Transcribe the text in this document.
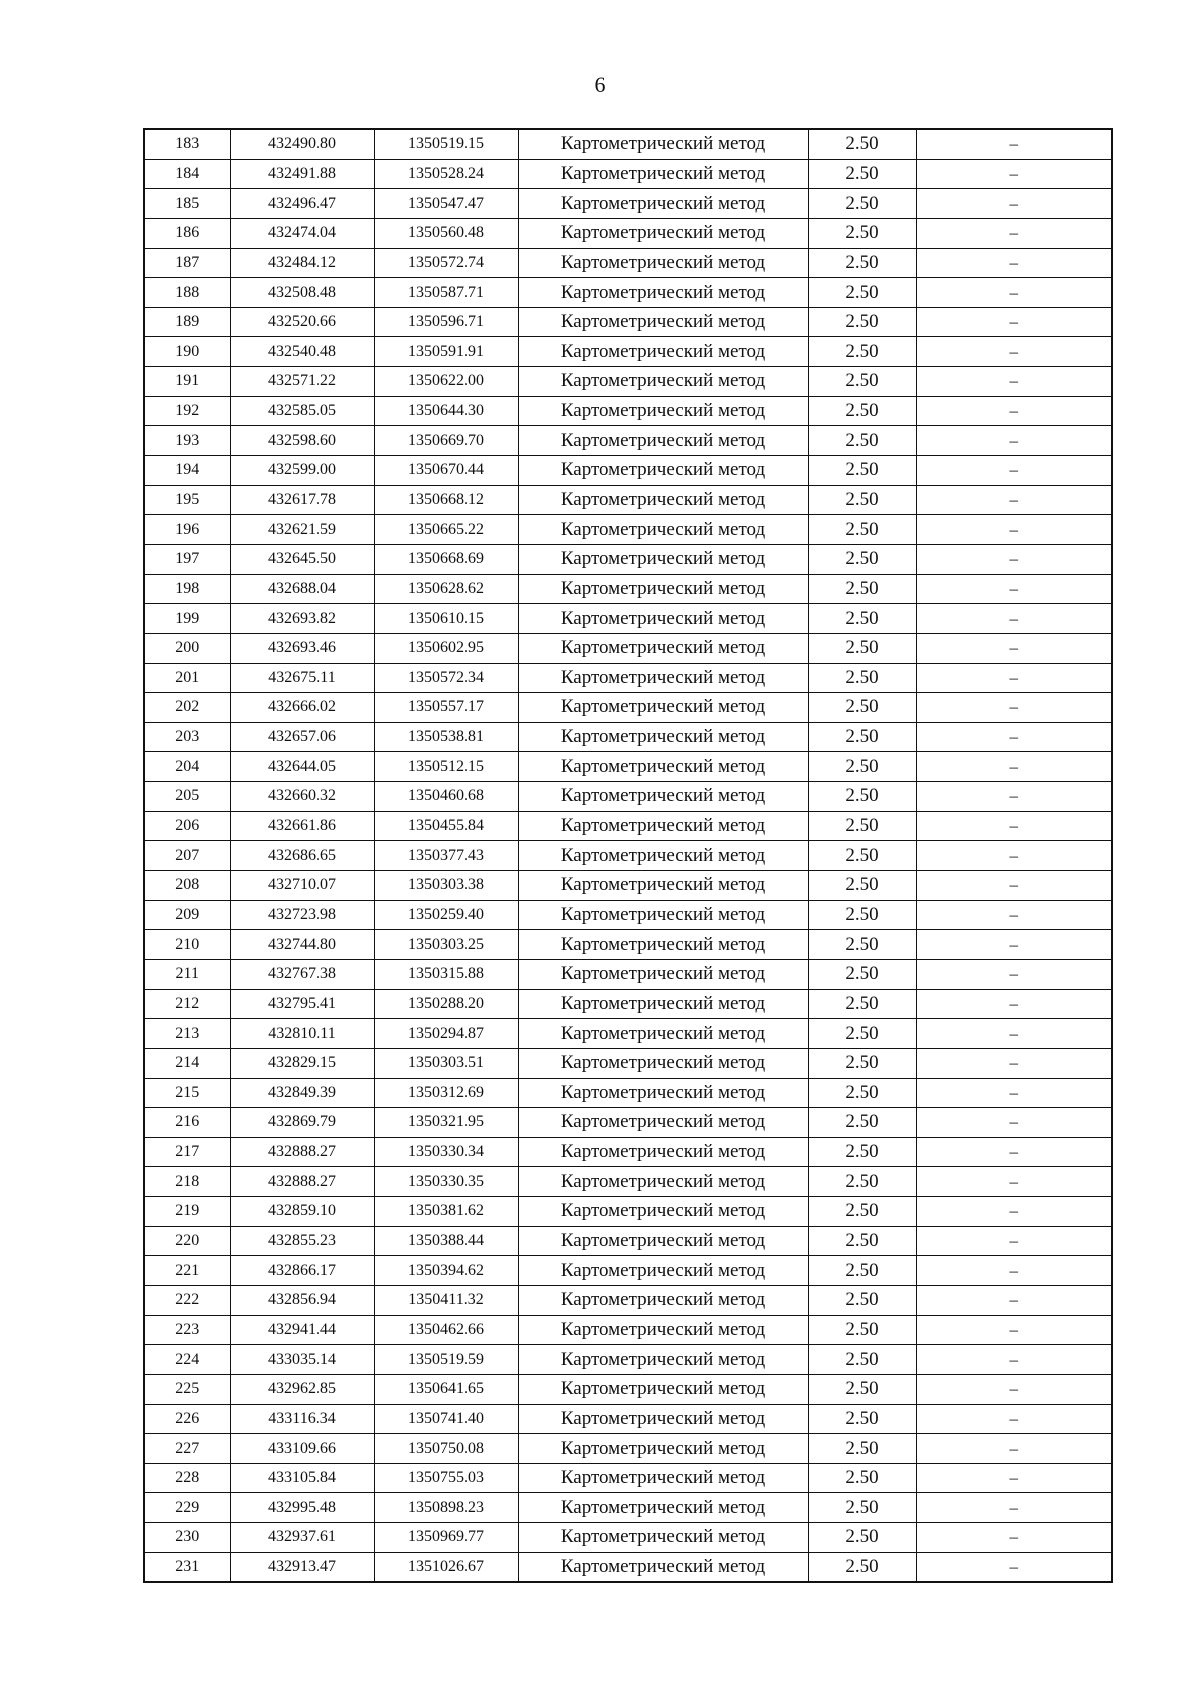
6
183	432490.80	1350519.15	Картометрический метод	2.50	–
184	432491.88	1350528.24	Картометрический метод	2.50	–
185	432496.47	1350547.47	Картометрический метод	2.50	–
186	432474.04	1350560.48	Картометрический метод	2.50	–
187	432484.12	1350572.74	Картометрический метод	2.50	–
188	432508.48	1350587.71	Картометрический метод	2.50	–
189	432520.66	1350596.71	Картометрический метод	2.50	–
190	432540.48	1350591.91	Картометрический метод	2.50	–
191	432571.22	1350622.00	Картометрический метод	2.50	–
192	432585.05	1350644.30	Картометрический метод	2.50	–
193	432598.60	1350669.70	Картометрический метод	2.50	–
194	432599.00	1350670.44	Картометрический метод	2.50	–
195	432617.78	1350668.12	Картометрический метод	2.50	–
196	432621.59	1350665.22	Картометрический метод	2.50	–
197	432645.50	1350668.69	Картометрический метод	2.50	–
198	432688.04	1350628.62	Картометрический метод	2.50	–
199	432693.82	1350610.15	Картометрический метод	2.50	–
200	432693.46	1350602.95	Картометрический метод	2.50	–
201	432675.11	1350572.34	Картометрический метод	2.50	–
202	432666.02	1350557.17	Картометрический метод	2.50	–
203	432657.06	1350538.81	Картометрический метод	2.50	–
204	432644.05	1350512.15	Картометрический метод	2.50	–
205	432660.32	1350460.68	Картометрический метод	2.50	–
206	432661.86	1350455.84	Картометрический метод	2.50	–
207	432686.65	1350377.43	Картометрический метод	2.50	–
208	432710.07	1350303.38	Картометрический метод	2.50	–
209	432723.98	1350259.40	Картометрический метод	2.50	–
210	432744.80	1350303.25	Картометрический метод	2.50	–
211	432767.38	1350315.88	Картометрический метод	2.50	–
212	432795.41	1350288.20	Картометрический метод	2.50	–
213	432810.11	1350294.87	Картометрический метод	2.50	–
214	432829.15	1350303.51	Картометрический метод	2.50	–
215	432849.39	1350312.69	Картометрический метод	2.50	–
216	432869.79	1350321.95	Картометрический метод	2.50	–
217	432888.27	1350330.34	Картометрический метод	2.50	–
218	432888.27	1350330.35	Картометрический метод	2.50	–
219	432859.10	1350381.62	Картометрический метод	2.50	–
220	432855.23	1350388.44	Картометрический метод	2.50	–
221	432866.17	1350394.62	Картометрический метод	2.50	–
222	432856.94	1350411.32	Картометрический метод	2.50	–
223	432941.44	1350462.66	Картометрический метод	2.50	–
224	433035.14	1350519.59	Картометрический метод	2.50	–
225	432962.85	1350641.65	Картометрический метод	2.50	–
226	433116.34	1350741.40	Картометрический метод	2.50	–
227	433109.66	1350750.08	Картометрический метод	2.50	–
228	433105.84	1350755.03	Картометрический метод	2.50	–
229	432995.48	1350898.23	Картометрический метод	2.50	–
230	432937.61	1350969.77	Картометрический метод	2.50	–
231	432913.47	1351026.67	Картометрический метод	2.50	–
